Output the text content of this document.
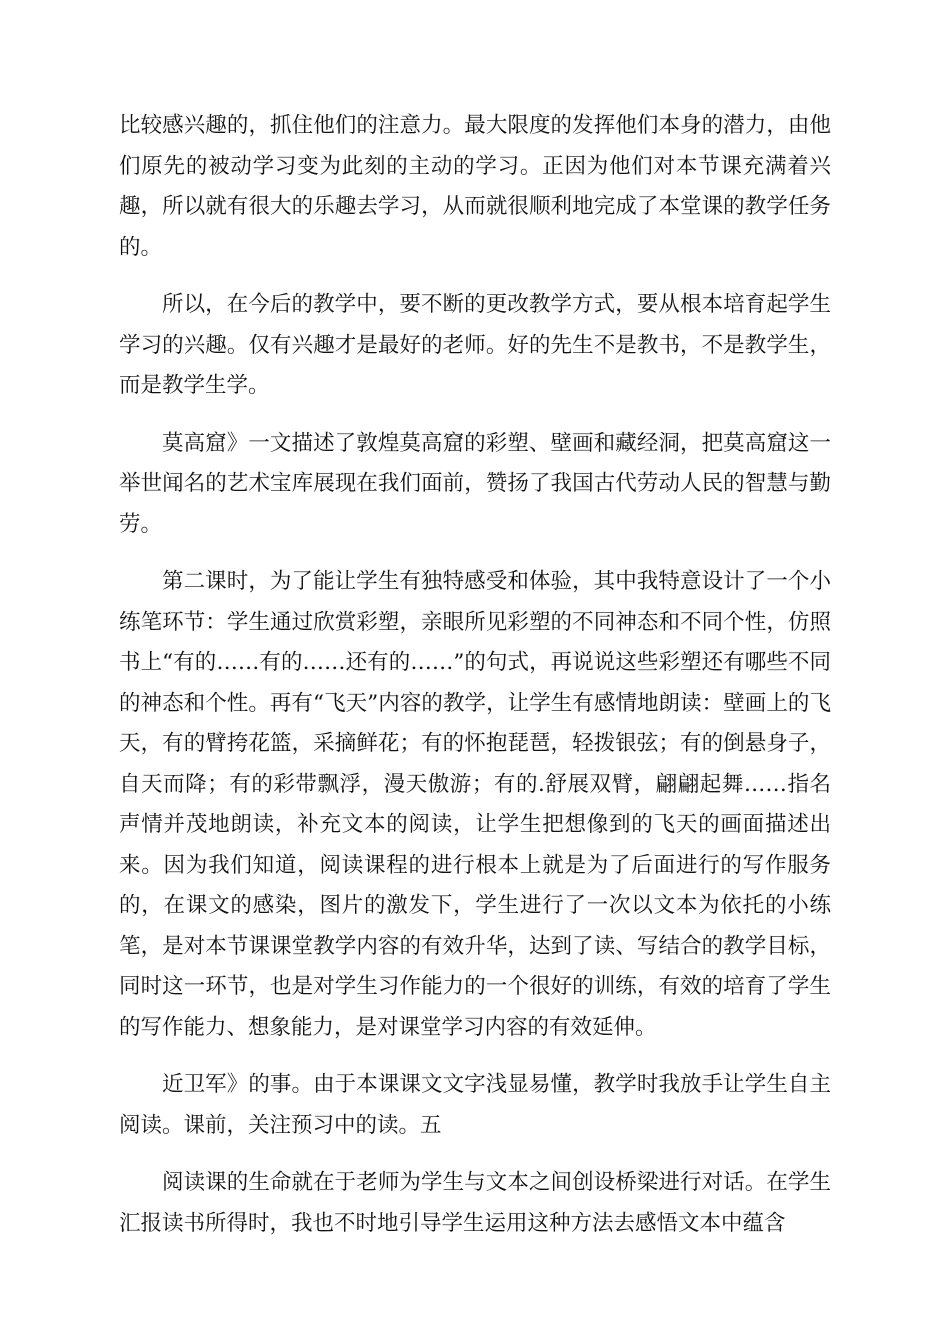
比较感兴趣的，抓住他们的注意力。最大限度的发挥他们本身的潜力，由他们原先的被动学习变为此刻的主动的学习。正因为他们对本节课充满着兴趣，所以就有很大的乐趣去学习，从而就很顺利地完成了本堂课的教学任务的。

所以，在今后的教学中，要不断的更改教学方式，要从根本培育起学生学习的兴趣。仅有兴趣才是最好的老师。好的先生不是教书，不是教学生，而是教学生学。

莫高窟》一文描述了敦煌莫高窟的彩塑、壁画和藏经洞，把莫高窟这一举世闻名的艺术宝库展现在我们面前，赞扬了我国古代劳动人民的智慧与勤劳。

第二课时，为了能让学生有独特感受和体验，其中我特意设计了一个小练笔环节：学生通过欣赏彩塑，亲眼所见彩塑的不同神态和不同个性，仿照书上“有的……有的……还有的……”的句式，再说说这些彩塑还有哪些不同的神态和个性。再有“飞天”内容的教学，让学生有感情地朗读：壁画上的飞天，有的臂挎花篮，采摘鲜花；有的怀抱琵琶，轻拨银弦；有的倒悬身子，自天而降；有的彩带飘浮，漫天傲游；有的.舒展双臂，翩翩起舞……指名声情并茂地朗读，补充文本的阅读，让学生把想像到的飞天的画面描述出来。因为我们知道，阅读课程的进行根本上就是为了后面进行的写作服务的，在课文的感染，图片的激发下，学生进行了一次以文本为依托的小练笔，是对本节课课堂教学内容的有效升华，达到了读、写结合的教学目标，同时这一环节，也是对学生习作能力的一个很好的训练，有效的培育了学生的写作能力、想象能力，是对课堂学习内容的有效延伸。

近卫军》的事。由于本课课文文字浅显易懂，教学时我放手让学生自主阅读。课前，关注预习中的读。五

阅读课的生命就在于老师为学生与文本之间创设桥梁进行对话。在学生汇报读书所得时，我也不时地引导学生运用这种方法去感悟文本中蕴含
